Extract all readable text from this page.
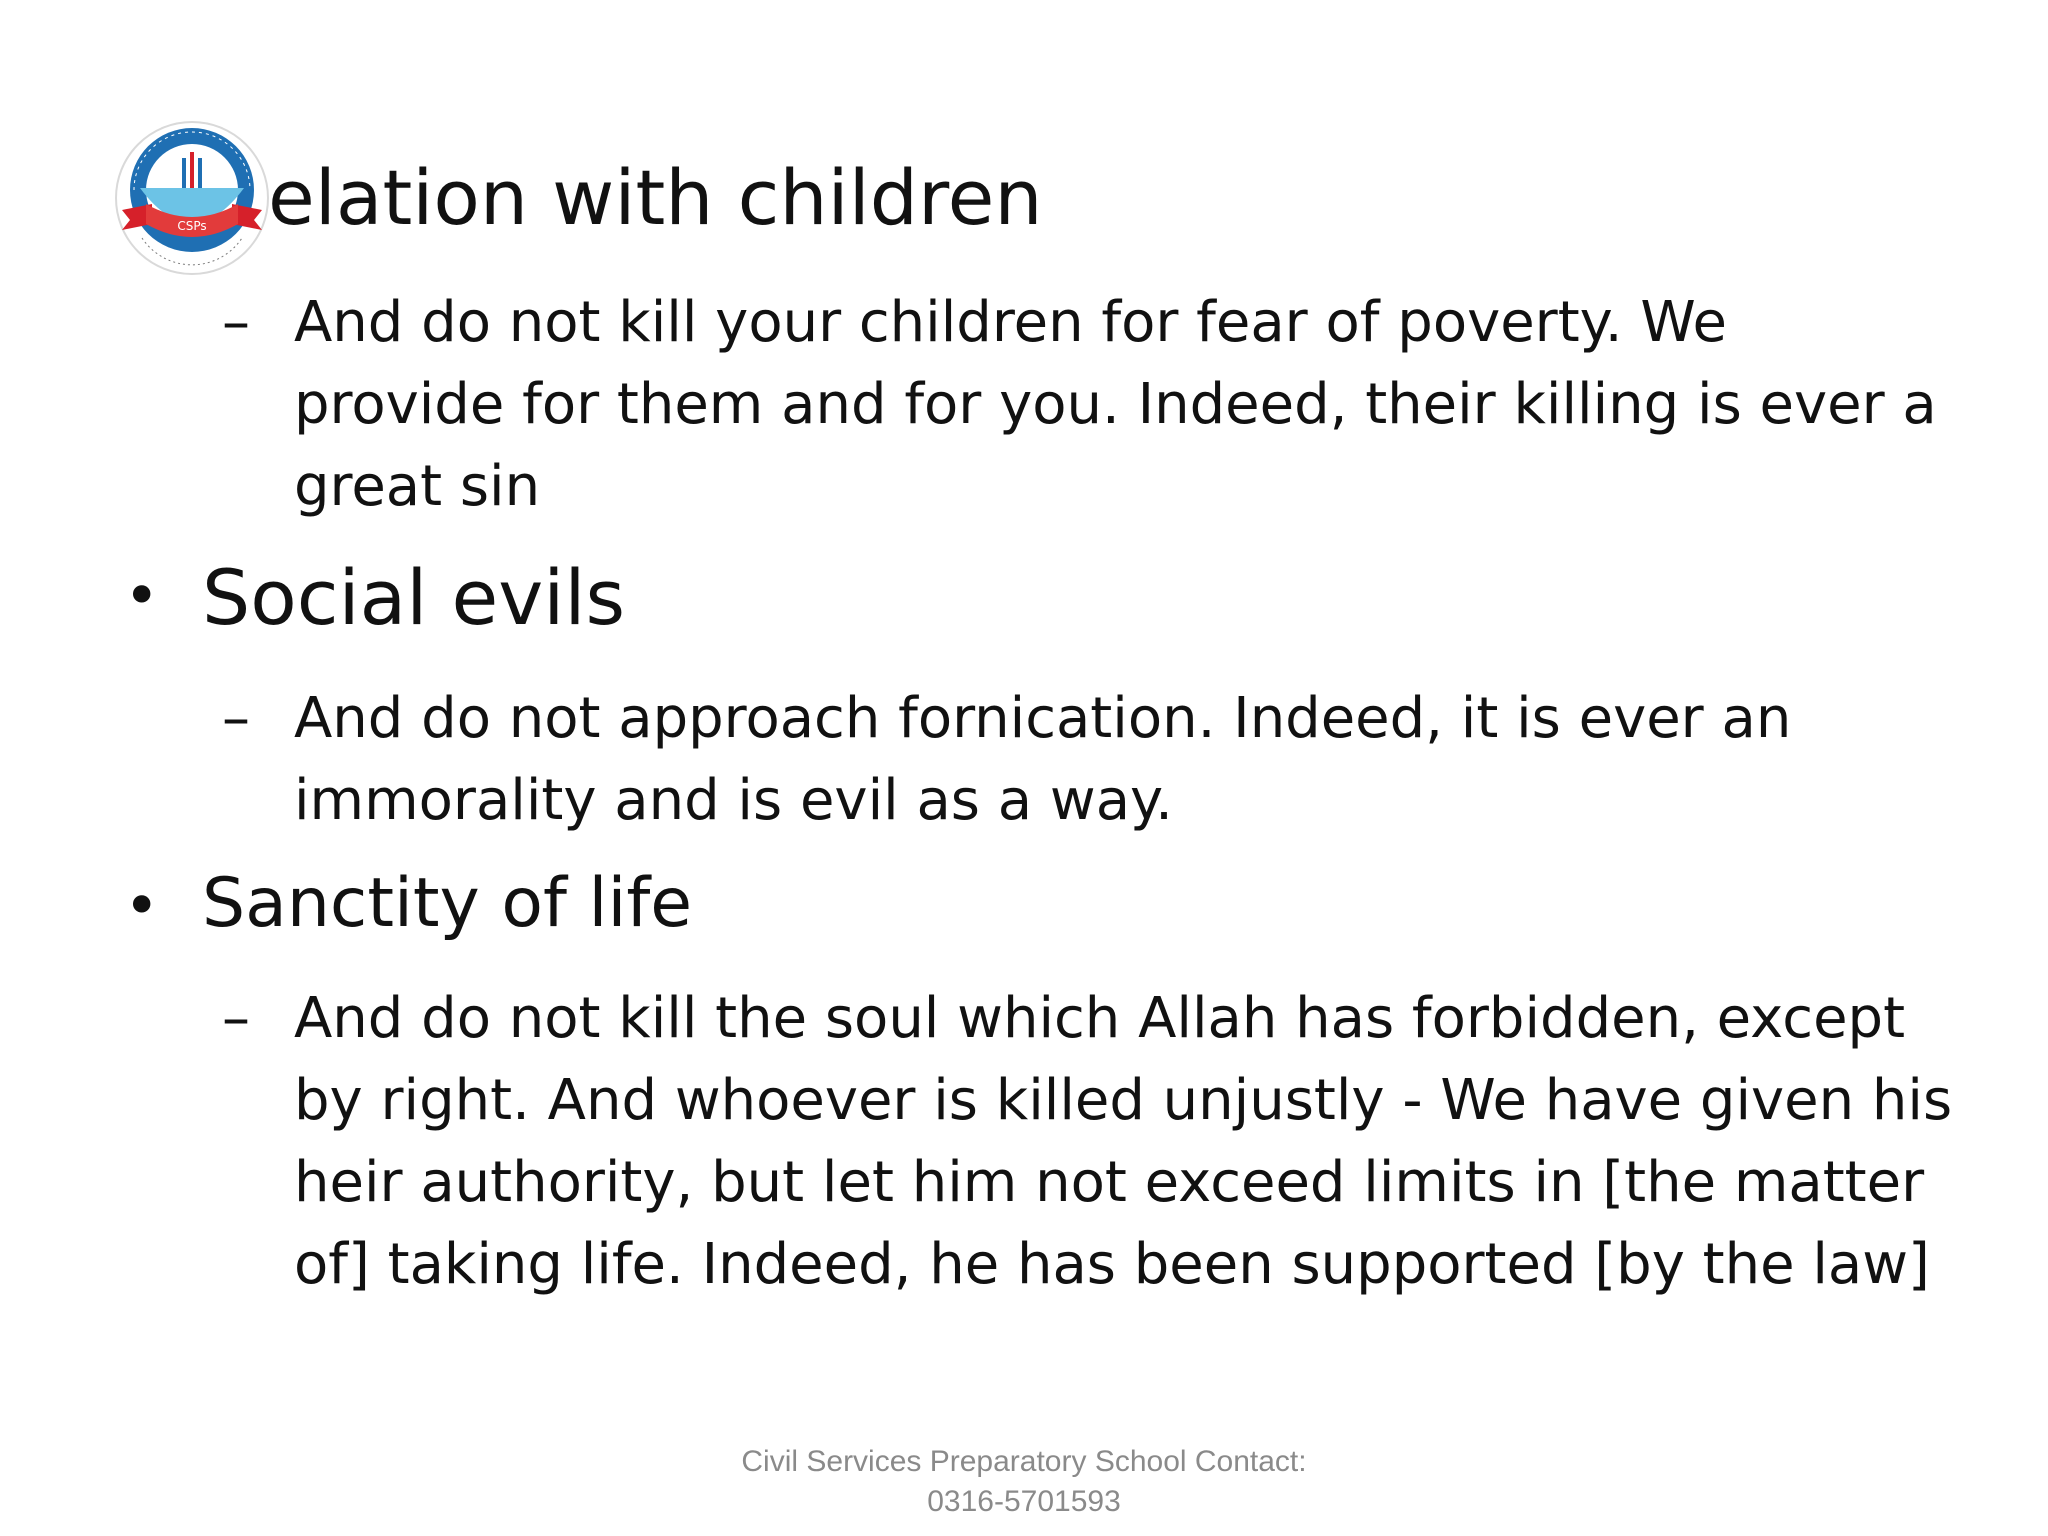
CSPs elation with children
– And do not kill your children for fear of poverty. We
provide for them and for you. Indeed, their killing is ever a
great sin
• Social evils
– And do not approach fornication. Indeed, it is ever an
immorality and is evil as a way.
• Sanctity of life
– And do not kill the soul which Allah has forbidden, except
by right. And whoever is killed unjustly - We have given his
heir authority, but let him not exceed limits in [the matter
of] taking life. Indeed, he has been supported [by the law]
Civil Services Preparatory School Contact:
0316-5701593
